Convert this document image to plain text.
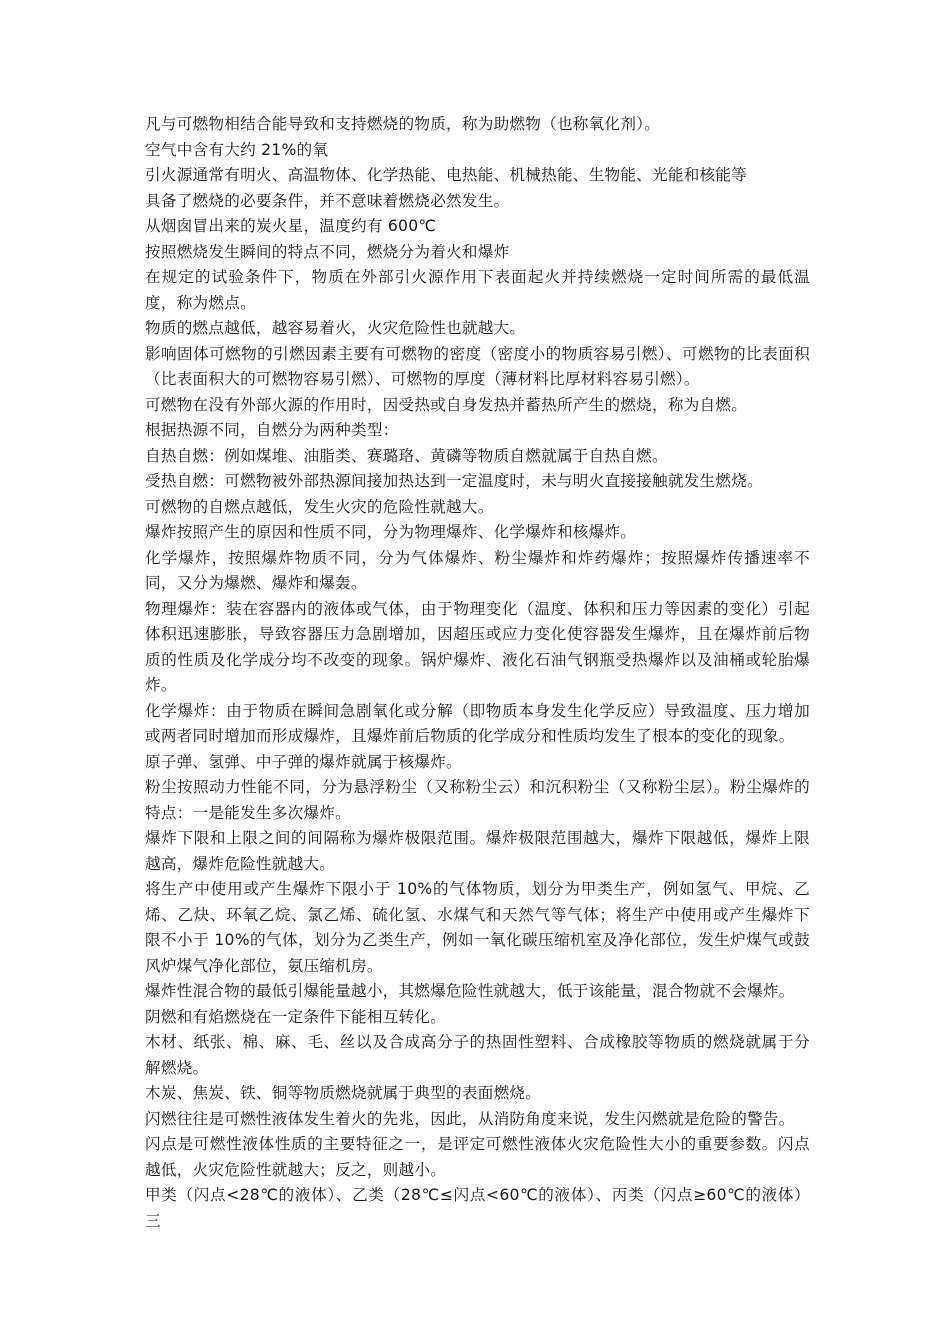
凡与可燃物相结合能导致和支持燃烧的物质，称为助燃物（也称氧化剂）。

空气中含有大约 21%的氧

引火源通常有明火、高温物体、化学热能、电热能、机械热能、生物能、光能和核能等

具备了燃烧的必要条件，并不意味着燃烧必然发生。

从烟囱冒出来的炭火星，温度约有 600℃

按照燃烧发生瞬间的特点不同，燃烧分为着火和爆炸

在规定的试验条件下，物质在外部引火源作用下表面起火并持续燃烧一定时间所需的最低温度，称为燃点。

物质的燃点越低，越容易着火，火灾危险性也就越大。

影响固体可燃物的引燃因素主要有可燃物的密度（密度小的物质容易引燃）、可燃物的比表面积（比表面积大的可燃物容易引燃）、可燃物的厚度（薄材料比厚材料容易引燃）。

可燃物在没有外部火源的作用时，因受热或自身发热并蓄热所产生的燃烧，称为自燃。

根据热源不同，自燃分为两种类型：

自热自燃：例如煤堆、油脂类、赛璐珞、黄磷等物质自燃就属于自热自燃。

受热自燃：可燃物被外部热源间接加热达到一定温度时，未与明火直接接触就发生燃烧。

可燃物的自燃点越低，发生火灾的危险性就越大。

爆炸按照产生的原因和性质不同，分为物理爆炸、化学爆炸和核爆炸。

化学爆炸，按照爆炸物质不同，分为气体爆炸、粉尘爆炸和炸药爆炸；按照爆炸传播速率不同，又分为爆燃、爆炸和爆轰。

物理爆炸：装在容器内的液体或气体，由于物理变化（温度、体积和压力等因素的变化）引起体积迅速膨胀，导致容器压力急剧增加，因超压或应力变化使容器发生爆炸，且在爆炸前后物质的性质及化学成分均不改变的现象。锅炉爆炸、液化石油气钢瓶受热爆炸以及油桶或轮胎爆炸。

化学爆炸：由于物质在瞬间急剧氧化或分解（即物质本身发生化学反应）导致温度、压力增加或两者同时增加而形成爆炸，且爆炸前后物质的化学成分和性质均发生了根本的变化的现象。

原子弹、氢弹、中子弹的爆炸就属于核爆炸。

粉尘按照动力性能不同，分为悬浮粉尘（又称粉尘云）和沉积粉尘（又称粉尘层）。粉尘爆炸的特点：一是能发生多次爆炸。

爆炸下限和上限之间的间隔称为爆炸极限范围。爆炸极限范围越大，爆炸下限越低，爆炸上限越高，爆炸危险性就越大。

将生产中使用或产生爆炸下限小于 10%的气体物质，划分为甲类生产，例如氢气、甲烷、乙烯、乙炔、环氧乙烷、氯乙烯、硫化氢、水煤气和天然气等气体；将生产中使用或产生爆炸下限不小于 10%的气体，划分为乙类生产，例如一氧化碳压缩机室及净化部位，发生炉煤气或鼓风炉煤气净化部位，氨压缩机房。

爆炸性混合物的最低引爆能量越小，其燃爆危险性就越大，低于该能量，混合物就不会爆炸。

阴燃和有焰燃烧在一定条件下能相互转化。

木材、纸张、棉、麻、毛、丝以及合成高分子的热固性塑料、合成橡胶等物质的燃烧就属于分解燃烧。

木炭、焦炭、铁、铜等物质燃烧就属于典型的表面燃烧。

闪燃往往是可燃性液体发生着火的先兆，因此，从消防角度来说，发生闪燃就是危险的警告。

闪点是可燃性液体性质的主要特征之一，是评定可燃性液体火灾危险性大小的重要参数。闪点越低，火灾危险性就越大；反之，则越小。

甲类（闪点<28℃的液体）、乙类（28℃≤闪点<60℃的液体）、丙类（闪点≥60℃的液体）三
